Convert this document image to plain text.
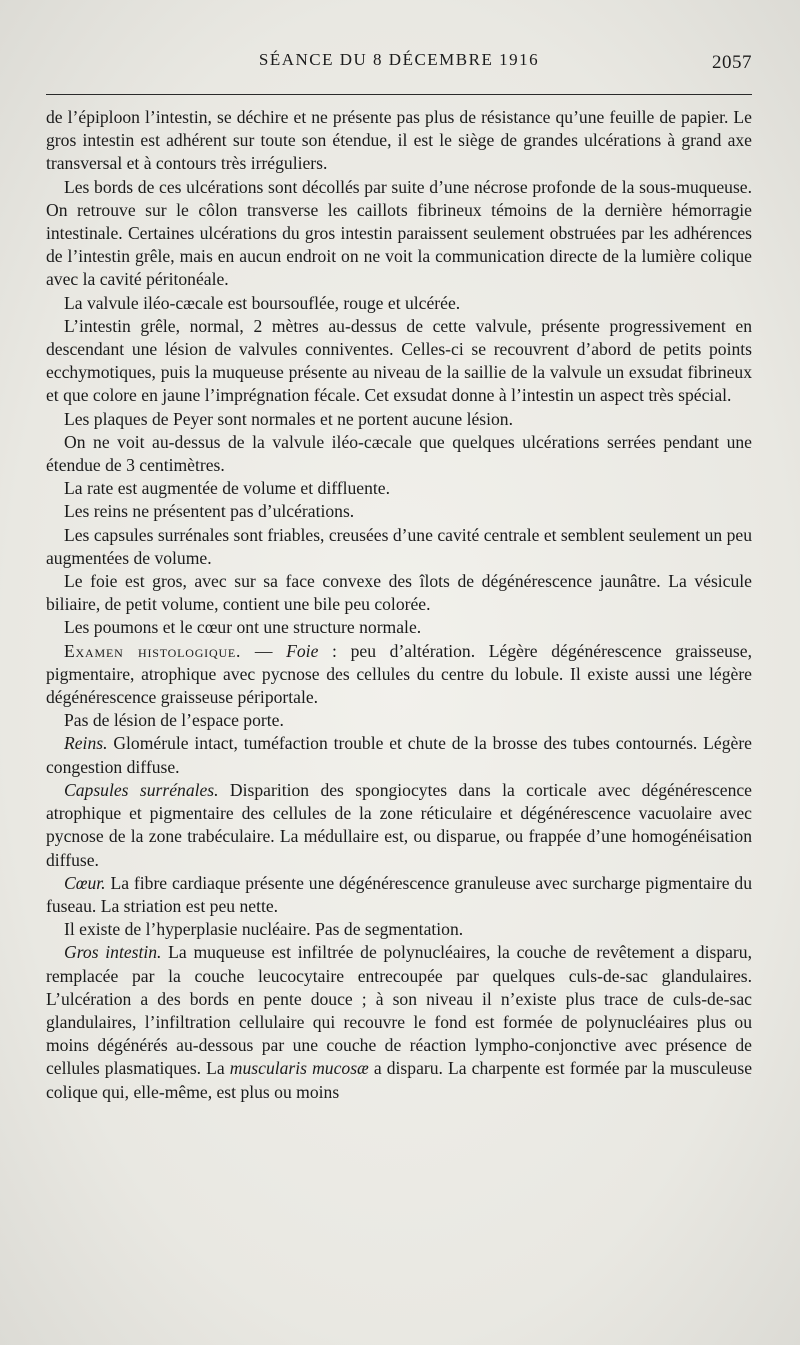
SÉANCE DU 8 DÉCEMBRE 1916	2057

de l’épiploon l’intestin, se déchire et ne présente pas plus de résistance qu’une feuille de papier. Le gros intestin est adhérent sur toute son étendue, il est le siège de grandes ulcérations à grand axe transversal et à contours très irréguliers.

Les bords de ces ulcérations sont décollés par suite d’une nécrose profonde de la sous-muqueuse. On retrouve sur le côlon transverse les caillots fibrineux témoins de la dernière hémorragie intestinale. Certaines ulcérations du gros intestin paraissent seulement obstruées par les adhérences de l’intestin grêle, mais en aucun endroit on ne voit la communication directe de la lumière colique avec la cavité péritonéale.

La valvule iléo-cæcale est boursouflée, rouge et ulcérée.

L’intestin grêle, normal, 2 mètres au-dessus de cette valvule, présente progressivement en descendant une lésion de valvules conniventes. Celles-ci se recouvrent d’abord de petits points ecchymotiques, puis la muqueuse présente au niveau de la saillie de la valvule un exsudat fibrineux et que colore en jaune l’imprégnation fécale. Cet exsudat donne à l’intestin un aspect très spécial.

Les plaques de Peyer sont normales et ne portent aucune lésion.

On ne voit au-dessus de la valvule iléo-cæcale que quelques ulcérations serrées pendant une étendue de 3 centimètres.

La rate est augmentée de volume et diffluente.

Les reins ne présentent pas d’ulcérations.

Les capsules surrénales sont friables, creusées d’une cavité centrale et semblent seulement un peu augmentées de volume.

Le foie est gros, avec sur sa face convexe des îlots de dégénérescence jaunâtre. La vésicule biliaire, de petit volume, contient une bile peu colorée.

Les poumons et le cœur ont une structure normale.

Examen histologique. — Foie : peu d’altération. Légère dégénérescence graisseuse, pigmentaire, atrophique avec pycnose des cellules du centre du lobule. Il existe aussi une légère dégénérescence graisseuse périportale.

Pas de lésion de l’espace porte.

Reins. Glomérule intact, tuméfaction trouble et chute de la brosse des tubes contournés. Légère congestion diffuse.

Capsules surrénales. Disparition des spongiocytes dans la corticale avec dégénérescence atrophique et pigmentaire des cellules de la zone réticulaire et dégénérescence vacuolaire avec pycnose de la zone trabéculaire. La médullaire est, ou disparue, ou frappée d’une homogénéisation diffuse.

Cœur. La fibre cardiaque présente une dégénérescence granuleuse avec surcharge pigmentaire du fuseau. La striation est peu nette.

Il existe de l’hyperplasie nucléaire. Pas de segmentation.

Gros intestin. La muqueuse est infiltrée de polynucléaires, la couche de revêtement a disparu, remplacée par la couche leucocytaire entrecoupée par quelques culs-de-sac glandulaires. L’ulcération a des bords en pente douce ; à son niveau il n’existe plus trace de culs-de-sac glandulaires, l’infiltration cellulaire qui recouvre le fond est formée de polynucléaires plus ou moins dégénérés au-dessous par une couche de réaction lympho-conjonctive avec présence de cellules plasmatiques. La muscularis mucosæ a disparu. La charpente est formée par la musculeuse colique qui, elle-même, est plus ou moins
